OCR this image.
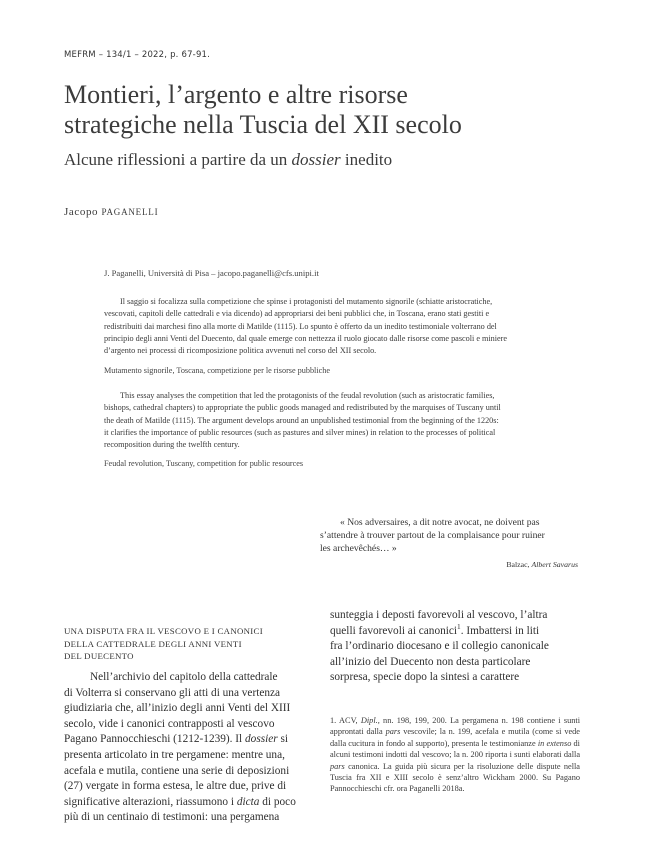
MEFRM – 134/1 – 2022, p. 67-91.
Montieri, l’argento e altre risorse
strategiche nella Tuscia del XII secolo
Alcune riflessioni a partire da un dossier inedito
Jacopo PAGANELLI
J. Paganelli, Università di Pisa – jacopo.paganelli@cfs.unipi.it
Il saggio si focalizza sulla competizione che spinse i protagonisti del mutamento signorile (schiatte aristocratiche,
vescovati, capitoli delle cattedrali e via dicendo) ad appropriarsi dei beni pubblici che, in Toscana, erano stati gestiti e
redistribuiti dai marchesi fino alla morte di Matilde (1115). Lo spunto è offerto da un inedito testimoniale volterrano del
principio degli anni Venti del Duecento, dal quale emerge con nettezza il ruolo giocato dalle risorse come pascoli e miniere
d’argento nei processi di ricomposizione politica avvenuti nel corso del XII secolo.
Mutamento signorile, Toscana, competizione per le risorse pubbliche
This essay analyses the competition that led the protagonists of the feudal revolution (such as aristocratic families,
bishops, cathedral chapters) to appropriate the public goods managed and redistributed by the marquises of Tuscany until
the death of Matilde (1115). The argument develops around an unpublished testimonial from the beginning of the 1220s:
it clarifies the importance of public resources (such as pastures and silver mines) in relation to the processes of political
recomposition during the twelfth century.
Feudal revolution, Tuscany, competition for public resources
« Nos adversaires, a dit notre avocat, ne doivent pas
s’attendre à trouver partout de la complaisance pour ruiner
les archevêchés… »
Balzac, Albert Savarus
UNA DISPUTA FRA IL VESCOVO E I CANONICI
DELLA CATTEDRALE DEGLI ANNI VENTI
DEL DUECENTO
Nell’archivio del capitolo della cattedrale
di Volterra si conservano gli atti di una vertenza
giudiziaria che, all’inizio degli anni Venti del XIII
secolo, vide i canonici contrapposti al vescovo
Pagano Pannocchieschi (1212-1239). Il dossier si
presenta articolato in tre pergamene: mentre una,
acefala e mutila, contiene una serie di deposizioni
(27) vergate in forma estesa, le altre due, prive di
significative alterazioni, riassumono i dicta di poco
più di un centinaio di testimoni: una pergamena
sunteggia i deposti favorevoli al vescovo, l’altra
quelli favorevoli ai canonici$^1$. Imbattersi in liti
fra l’ordinario diocesano e il collegio canonicale
all’inizio del Duecento non desta particolare
sorpresa, specie dopo la sintesi a carattere
1. ACV, Dipl., nn. 198, 199, 200. La pergamena n. 198 contiene i sunti approntati dalla pars vescovile; la n. 199, acefala e mutila (come si vede dalla cucitura in fondo al supporto), presenta le testimonianze in extenso di alcuni testimoni indotti dal vescovo; la n. 200 riporta i sunti elaborati dalla pars canonica. La guida più sicura per la risoluzione delle dispute nella Tuscia fra XII e XIII secolo è senz’altro Wickham 2000. Su Pagano Pannocchieschi cfr. ora Paganelli 2018a.
